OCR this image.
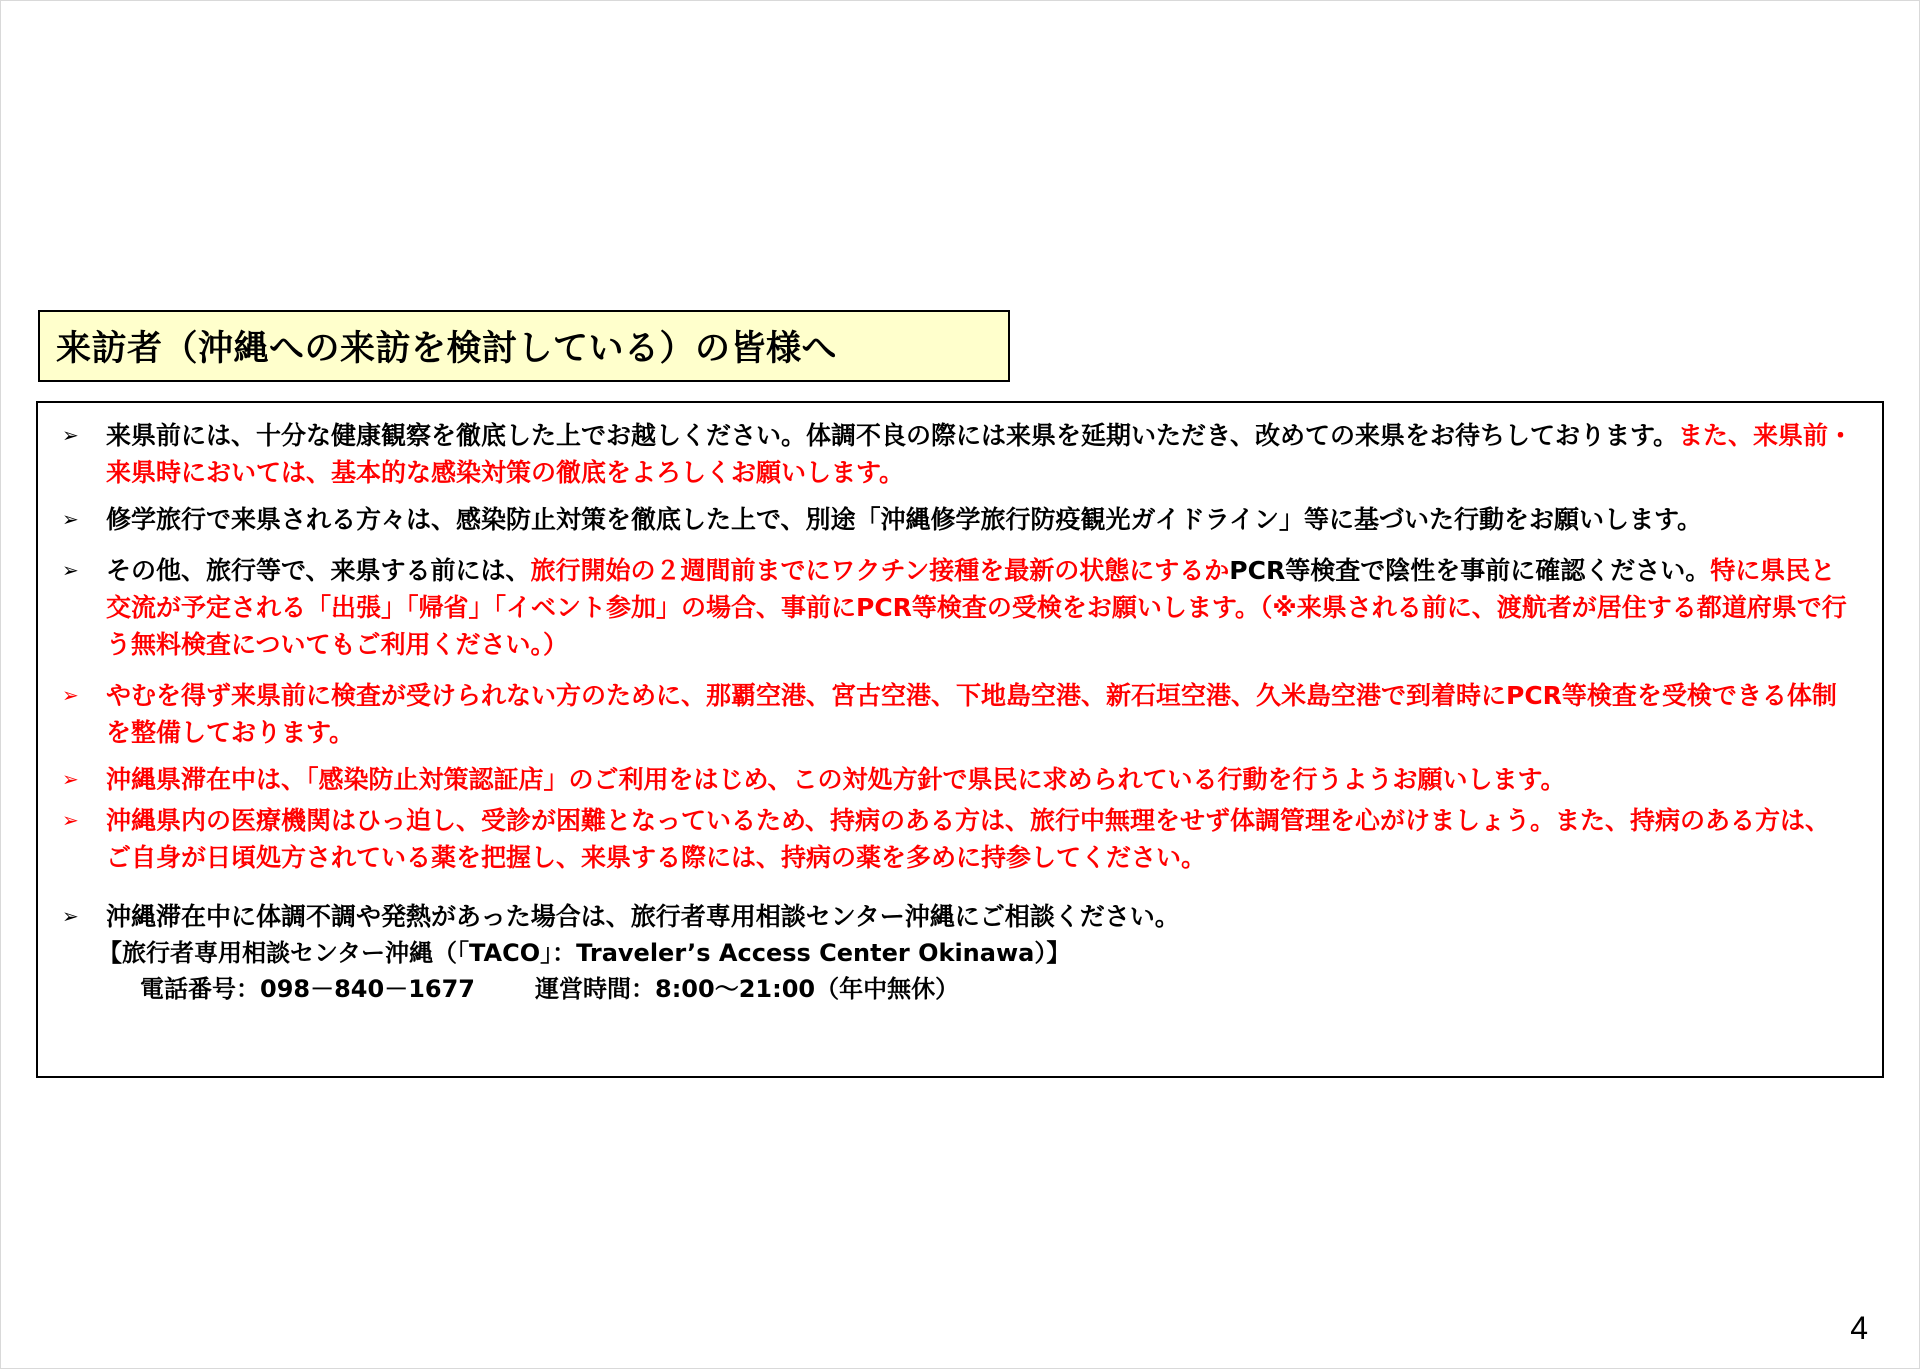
来訪者（沖縄への来訪を検討している）の皆様へ
➢	来県前には、十分な健康観察を徹底した上でお越しください。体調不良の際には来県を延期いただき、改めての来県をお待ちしております。また、来県前・来県時においては、基本的な感染対策の徹底をよろしくお願いします。
➢	修学旅行で来県される方々は、感染防止対策を徹底した上で、別途「沖縄修学旅行防疫観光ガイドライン」等に基づいた行動をお願いします。
➢	その他、旅行等で、来県する前には、旅行開始の２週間前までにワクチン接種を最新の状態にするかPCR等検査で陰性を事前に確認ください。特に県民と交流が予定される「出張」「帰省」「イベント参加」の場合、事前にPCR等検査の受検をお願いします。（※来県される前に、渡航者が居住する都道府県で行う無料検査についてもご利用ください。）
➢	やむを得ず来県前に検査が受けられない方のために、那覇空港、宮古空港、下地島空港、新石垣空港、久米島空港で到着時にPCR等検査を受検できる体制を整備しております。
➢	沖縄県滞在中は、「感染防止対策認証店」のご利用をはじめ、この対処方針で県民に求められている行動を行うようお願いします。
➢	沖縄県内の医療機関はひっ迫し、受診が困難となっているため、持病のある方は、旅行中無理をせず体調管理を心がけましょう。また、持病のある方は、ご自身が日頃処方されている薬を把握し、来県する際には、持病の薬を多めに持参してください。
➢	沖縄滞在中に体調不調や発熱があった場合は、旅行者専用相談センター沖縄にご相談ください。
【旅行者専用相談センター沖縄（「TACO」：Traveler’s Access Center Okinawa）】
電話番号：098－840－1677	運営時間：8:00～21:00（年中無休）
4
